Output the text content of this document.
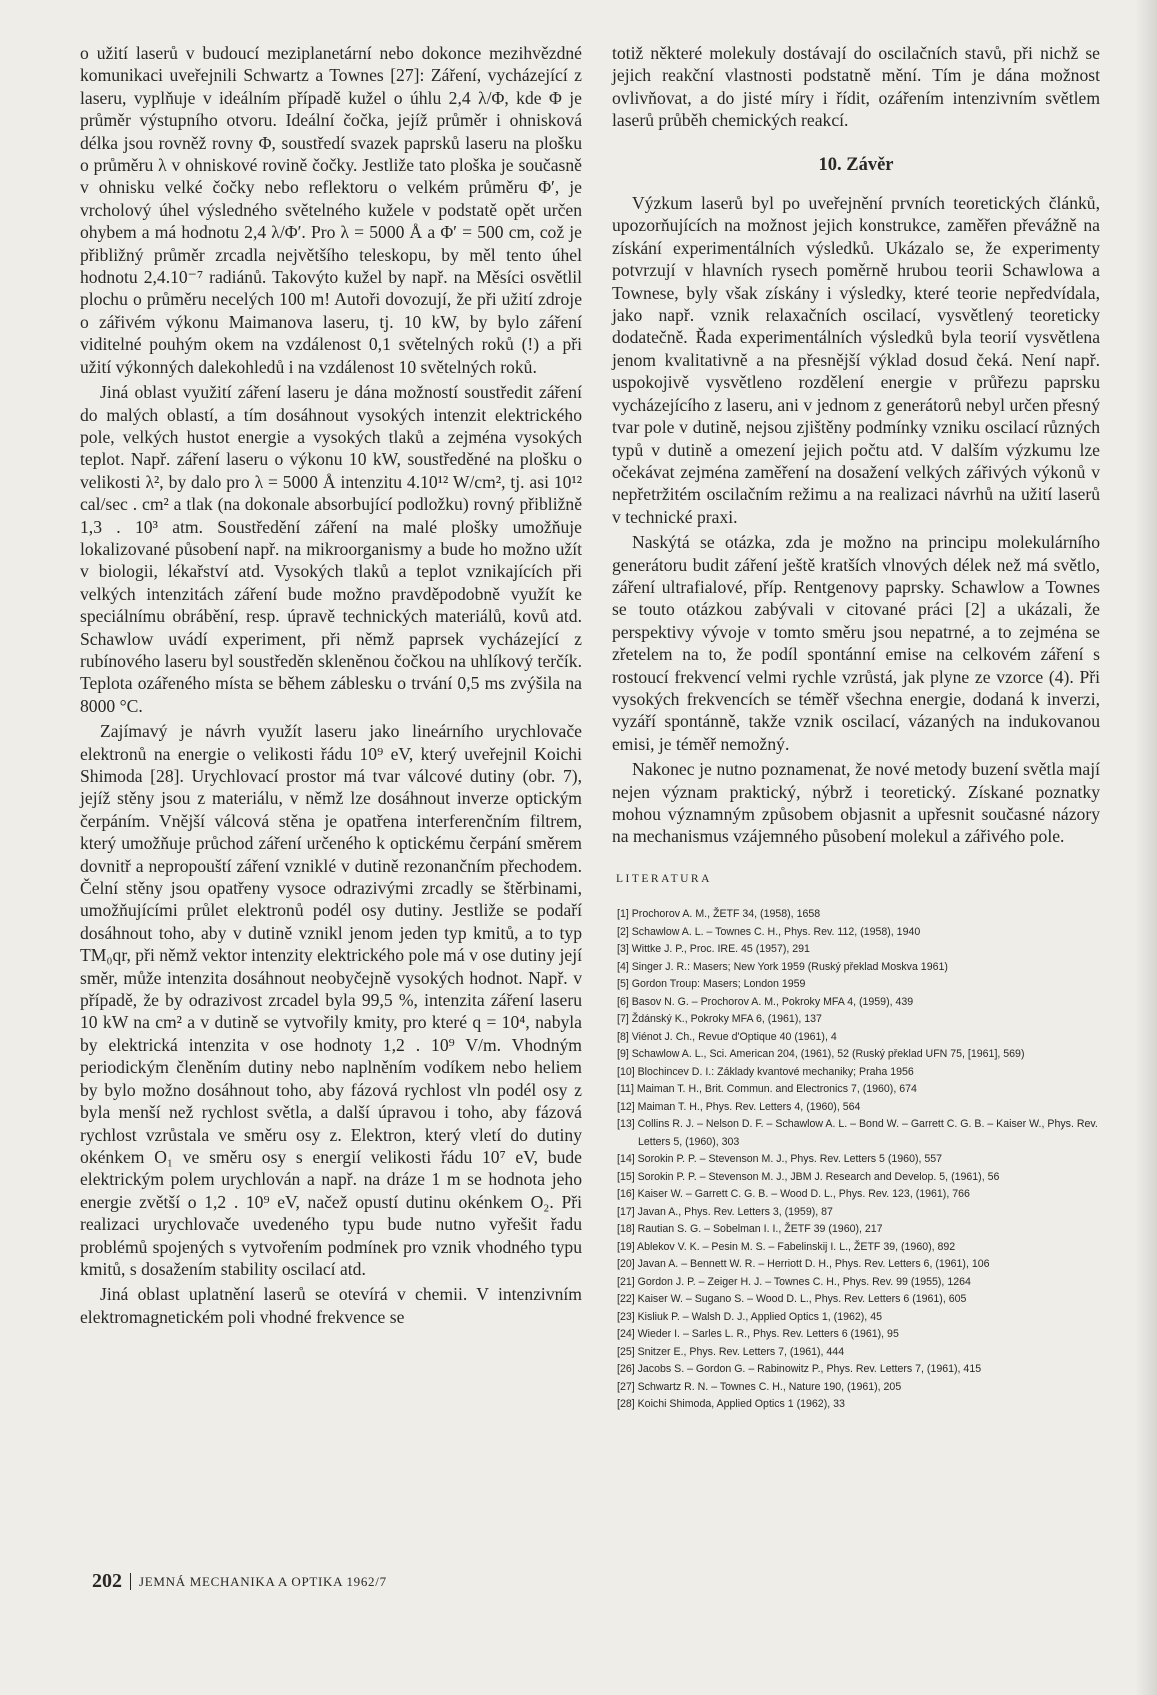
o užití laserů v budoucí meziplanetární nebo dokonce mezihvězdné komunikaci uveřejnili Schwartz a Townes [27]: Záření, vycházející z laseru, vyplňuje v ideálním případě kužel o úhlu 2,4 λ/Φ, kde Φ je průměr výstupního otvoru. Ideální čočka, jejíž průměr i ohnisková délka jsou rovněž rovny Φ, soustředí svazek paprsků laseru na plošku o průměru λ v ohniskové rovině čočky. Jestliže tato ploška je současně v ohnisku velké čočky nebo reflektoru o velkém průměru Φ′, je vrcholový úhel výsledného světelného kužele v podstatě opět určen ohybem a má hodnotu 2,4 λ/Φ′. Pro λ = 5000 Å a Φ′ = 500 cm, což je přibližný průměr zrcadla největšího teleskopu, by měl tento úhel hodnotu 2,4.10⁻⁷ radiánů. Takovýto kužel by např. na Měsíci osvětlil plochu o průměru necelých 100 m! Autoři dovozují, že při užití zdroje o zářivém výkonu Maimanova laseru, tj. 10 kW, by bylo záření viditelné pouhým okem na vzdálenost 0,1 světelných roků (!) a při užití výkonných dalekohledů i na vzdálenost 10 světelných roků.

Jiná oblast využití záření laseru je dána možností soustředit záření do malých oblastí, a tím dosáhnout vysokých intenzit elektrického pole, velkých hustot energie a vysokých tlaků a zejména vysokých teplot. Např. záření laseru o výkonu 10 kW, soustředěné na plošku o velikosti λ², by dalo pro λ = 5000 Å intenzitu 4.10¹² W/cm², tj. asi 10¹² cal/sec . cm² a tlak (na dokonale absorbující podložku) rovný přibližně 1,3 . 10³ atm. Soustředění záření na malé plošky umožňuje lokalizované působení např. na mikroorganismy a bude ho možno užít v biologii, lékařství atd. Vysokých tlaků a teplot vznikajících při velkých intenzitách záření bude možno pravděpodobně využít ke speciálnímu obrábění, resp. úpravě technických materiálů, kovů atd. Schawlow uvádí experiment, při němž paprsek vycházející z rubínového laseru byl soustředěn skleněnou čočkou na uhlíkový terčík. Teplota ozářeného místa se během záblesku o trvání 0,5 ms zvýšila na 8000 °C.

Zajímavý je návrh využít laseru jako lineárního urychlovače elektronů na energie o velikosti řádu 10⁹ eV, který uveřejnil Koichi Shimoda [28]. Urychlovací prostor má tvar válcové dutiny (obr. 7), jejíž stěny jsou z materiálu, v němž lze dosáhnout inverze optickým čerpáním. Vnější válcová stěna je opatřena interferenčním filtrem, který umožňuje průchod záření určeného k optickému čerpání směrem dovnitř a nepropouští záření vzniklé v dutině rezonančním přechodem. Čelní stěny jsou opatřeny vysoce odrazivými zrcadly se štěrbinami, umožňujícími průlet elektronů podél osy dutiny. Jestliže se podaří dosáhnout toho, aby v dutině vznikl jenom jeden typ kmitů, a to typ TM₀qr, při němž vektor intenzity elektrického pole má v ose dutiny její směr, může intenzita dosáhnout neobyčejně vysokých hodnot. Např. v případě, že by odrazivost zrcadel byla 99,5 %, intenzita záření laseru 10 kW na cm² a v dutině se vytvořily kmity, pro které q = 10⁴, nabyla by elektrická intenzita v ose hodnoty 1,2 . 10⁹ V/m. Vhodným periodickým členěním dutiny nebo naplněním vodíkem nebo heliem by bylo možno dosáhnout toho, aby fázová rychlost vln podél osy z byla menší než rychlost světla, a další úpravou i toho, aby fázová rychlost vzrůstala ve směru osy z. Elektron, který vletí do dutiny okénkem O₁ ve směru osy s energií velikosti řádu 10⁷ eV, bude elektrickým polem urychlován a např. na dráze 1 m se hodnota jeho energie zvětší o 1,2 . 10⁹ eV, načež opustí dutinu okénkem O₂. Při realizaci urychlovače uvedeného typu bude nutno vyřešit řadu problémů spojených s vytvořením podmínek pro vznik vhodného typu kmitů, s dosažením stability oscilací atd.

Jiná oblast uplatnění laserů se otevírá v chemii. V intenzivním elektromagnetickém poli vhodné frekvence se

totiž některé molekuly dostávají do oscilačních stavů, při nichž se jejich reakční vlastnosti podstatně mění. Tím je dána možnost ovlivňovat, a do jisté míry i řídit, ozářením intenzivním světlem laserů průběh chemických reakcí.

10. Závěr

Výzkum laserů byl po uveřejnění prvních teoretických článků, upozorňujících na možnost jejich konstrukce, zaměřen převážně na získání experimentálních výsledků. Ukázalo se, že experimenty potvrzují v hlavních rysech poměrně hrubou teorii Schawlowa a Townese, byly však získány i výsledky, které teorie nepředvídala, jako např. vznik relaxačních oscilací, vysvětlený teoreticky dodatečně. Řada experimentálních výsledků byla teorií vysvětlena jenom kvalitativně a na přesnější výklad dosud čeká. Není např. uspokojivě vysvětleno rozdělení energie v průřezu paprsku vycházejícího z laseru, ani v jednom z generátorů nebyl určen přesný tvar pole v dutině, nejsou zjištěny podmínky vzniku oscilací různých typů v dutině a omezení jejich počtu atd. V dalším výzkumu lze očekávat zejména zaměření na dosažení velkých zářivých výkonů v nepřetržitém oscilačním režimu a na realizaci návrhů na užití laserů v technické praxi.

Naskýtá se otázka, zda je možno na principu molekulárního generátoru budit záření ještě kratších vlnových délek než má světlo, záření ultrafialové, příp. Rentgenovy paprsky. Schawlow a Townes se touto otázkou zabývali v citované práci [2] a ukázali, že perspektivy vývoje v tomto směru jsou nepatrné, a to zejména se zřetelem na to, že podíl spontánní emise na celkovém záření s rostoucí frekvencí velmi rychle vzrůstá, jak plyne ze vzorce (4). Při vysokých frekvencích se téměř všechna energie, dodaná k inverzi, vyzáří spontánně, takže vznik oscilací, vázaných na indukovanou emisi, je téměř nemožný.

Nakonec je nutno poznamenat, že nové metody buzení světla mají nejen význam praktický, nýbrž i teoretický. Získané poznatky mohou významným způsobem objasnit a upřesnit současné názory na mechanismus vzájemného působení molekul a zářivého pole.

LITERATURA
[1] Prochorov A. M., ŽETF 34, (1958), 1658
[2] Schawlow A. L. – Townes C. H., Phys. Rev. 112, (1958), 1940
[3] Wittke J. P., Proc. IRE. 45 (1957), 291
[4] Singer J. R.: Masers; New York 1959 (Ruský překlad Moskva 1961)
[5] Gordon Troup: Masers; London 1959
[6] Basov N. G. – Prochorov A. M., Pokroky MFA 4, (1959), 439
[7] Ždánský K., Pokroky MFA 6, (1961), 137
[8] Viénot J. Ch., Revue d'Optique 40 (1961), 4
[9] Schawlow A. L., Sci. American 204, (1961), 52 (Ruský překlad UFN 75, [1961], 569)
[10] Blochincev D. I.: Základy kvantové mechaniky; Praha 1956
[11] Maiman T. H., Brit. Commun. and Electronics 7, (1960), 674
[12] Maiman T. H., Phys. Rev. Letters 4, (1960), 564
[13] Collins R. J. – Nelson D. F. – Schawlow A. L. – Bond W. – Garrett C. G. B. – Kaiser W., Phys. Rev. Letters 5, (1960), 303
[14] Sorokin P. P. – Stevenson M. J., Phys. Rev. Letters 5 (1960), 557
[15] Sorokin P. P. – Stevenson M. J., JBM J. Research and Develop. 5, (1961), 56
[16] Kaiser W. – Garrett C. G. B. – Wood D. L., Phys. Rev. 123, (1961), 766
[17] Javan A., Phys. Rev. Letters 3, (1959), 87
[18] Rautian S. G. – Sobelman I. I., ŽETF 39 (1960), 217
[19] Ablekov V. K. – Pesin M. S. – Fabelinskij I. L., ŽETF 39, (1960), 892
[20] Javan A. – Bennett W. R. – Herriott D. H., Phys. Rev. Letters 6, (1961), 106
[21] Gordon J. P. – Zeiger H. J. – Townes C. H., Phys. Rev. 99 (1955), 1264
[22] Kaiser W. – Sugano S. – Wood D. L., Phys. Rev. Letters 6 (1961), 605
[23] Kisliuk P. – Walsh D. J., Applied Optics 1, (1962), 45
[24] Wieder I. – Sarles L. R., Phys. Rev. Letters 6 (1961), 95
[25] Snitzer E., Phys. Rev. Letters 7, (1961), 444
[26] Jacobs S. – Gordon G. – Rabinowitz P., Phys. Rev. Letters 7, (1961), 415
[27] Schwartz R. N. – Townes C. H., Nature 190, (1961), 205
[28] Koichi Shimoda, Applied Optics 1 (1962), 33
202 JEMNÁ MECHANIKA A OPTIKA 1962/7
